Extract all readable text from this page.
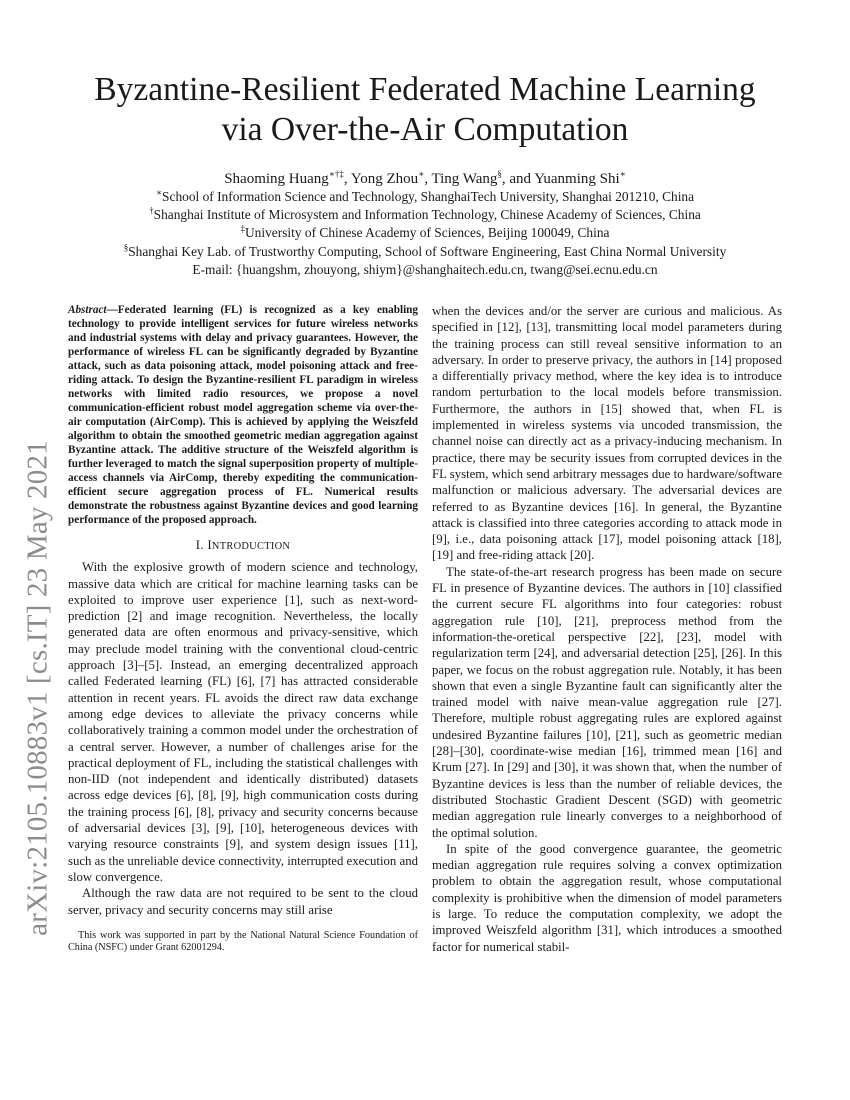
arXiv:2105.10883v1 [cs.IT] 23 May 2021
Byzantine-Resilient Federated Machine Learning
via Over-the-Air Computation
Shaoming Huang∗†‡, Yong Zhou∗, Ting Wang§, and Yuanming Shi∗
∗School of Information Science and Technology, ShanghaiTech University, Shanghai 201210, China
†Shanghai Institute of Microsystem and Information Technology, Chinese Academy of Sciences, China
‡University of Chinese Academy of Sciences, Beijing 100049, China
§Shanghai Key Lab. of Trustworthy Computing, School of Software Engineering, East China Normal University
E-mail: {huangshm, zhouyong, shiym}@shanghaitech.edu.cn, twang@sei.ecnu.edu.cn

Abstract—Federated learning (FL) is recognized as a key enabling technology to provide intelligent services for future wireless networks and industrial systems with delay and privacy guarantees. However, the performance of wireless FL can be significantly degraded by Byzantine attack, such as data poisoning attack, model poisoning attack and free-riding attack. To design the Byzantine-resilient FL paradigm in wireless networks with limited radio resources, we propose a novel communication-efficient robust model aggregation scheme via over-the-air computation (AirComp). This is achieved by applying the Weiszfeld algorithm to obtain the smoothed geometric median aggregation against Byzantine attack. The additive structure of the Weiszfeld algorithm is further leveraged to match the signal superposition property of multiple-access channels via AirComp, thereby expediting the communication-efficient secure aggregation process of FL. Numerical results demonstrate the robustness against Byzantine devices and good learning performance of the proposed approach.

I. INTRODUCTION

With the explosive growth of modern science and technology, massive data which are critical for machine learning tasks can be exploited to improve user experience [1], such as next-word-prediction [2] and image recognition. Nevertheless, the locally generated data are often enormous and privacy-sensitive, which may preclude model training with the conventional cloud-centric approach [3]–[5]. Instead, an emerging decentralized approach called Federated learning (FL) [6], [7] has attracted considerable attention in recent years. FL avoids the direct raw data exchange among edge devices to alleviate the privacy concerns while collaboratively training a common model under the orchestration of a central server. However, a number of challenges arise for the practical deployment of FL, including the statistical challenges with non-IID (not independent and identically distributed) datasets across edge devices [6], [8], [9], high communication costs during the training process [6], [8], privacy and security concerns because of adversarial devices [3], [9], [10], heterogeneous devices with varying resource constraints [9], and system design issues [11], such as the unreliable device connectivity, interrupted execution and slow convergence.

Although the raw data are not required to be sent to the cloud server, privacy and security concerns may still arise

This work was supported in part by the National Natural Science Foundation of China (NSFC) under Grant 62001294.

when the devices and/or the server are curious and malicious. As specified in [12], [13], transmitting local model parameters during the training process can still reveal sensitive information to an adversary. In order to preserve privacy, the authors in [14] proposed a differentially privacy method, where the key idea is to introduce random perturbation to the local models before transmission. Furthermore, the authors in [15] showed that, when FL is implemented in wireless systems via uncoded transmission, the channel noise can directly act as a privacy-inducing mechanism. In practice, there may be security issues from corrupted devices in the FL system, which send arbitrary messages due to hardware/software malfunction or malicious adversary. The adversarial devices are referred to as Byzantine devices [16]. In general, the Byzantine attack is classified into three categories according to attack mode in [9], i.e., data poisoning attack [17], model poisoning attack [18], [19] and free-riding attack [20].

The state-of-the-art research progress has been made on secure FL in presence of Byzantine devices. The authors in [10] classified the current secure FL algorithms into four categories: robust aggregation rule [10], [21], preprocess method from the information-the-oretical perspective [22], [23], model with regularization term [24], and adversarial detection [25], [26]. In this paper, we focus on the robust aggregation rule. Notably, it has been shown that even a single Byzantine fault can significantly alter the trained model with naive mean-value aggregation rule [27]. Therefore, multiple robust aggregating rules are explored against undesired Byzantine failures [10], [21], such as geometric median [28]–[30], coordinate-wise median [16], trimmed mean [16] and Krum [27]. In [29] and [30], it was shown that, when the number of Byzantine devices is less than the number of reliable devices, the distributed Stochastic Gradient Descent (SGD) with geometric median aggregation rule linearly converges to a neighborhood of the optimal solution.

In spite of the good convergence guarantee, the geometric median aggregation rule requires solving a convex optimization problem to obtain the aggregation result, whose computational complexity is prohibitive when the dimension of model parameters is large. To reduce the computation complexity, we adopt the improved Weiszfeld algorithm [31], which introduces a smoothed factor for numerical stabil-
